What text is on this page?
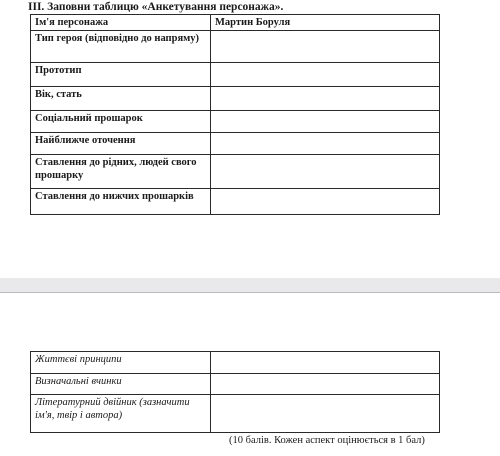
ІІІ. Заповни таблицю «Анкетування персонажа».
Ім'я персонажа	Мартин Боруля
Тип героя (відповідно до напряму)	
Прототип	
Вік, стать	
Соціальний прошарок	
Найближче оточення	
Ставлення до рідних, людей свого прошарку	
Ставлення до нижчих прошарків	
Життєві принципи	
Визначальні вчинки	
Літературний двійник (зазначити ім'я, твір і автора)	
(10 балів. Кожен аспект оцінюється в 1 бал)
